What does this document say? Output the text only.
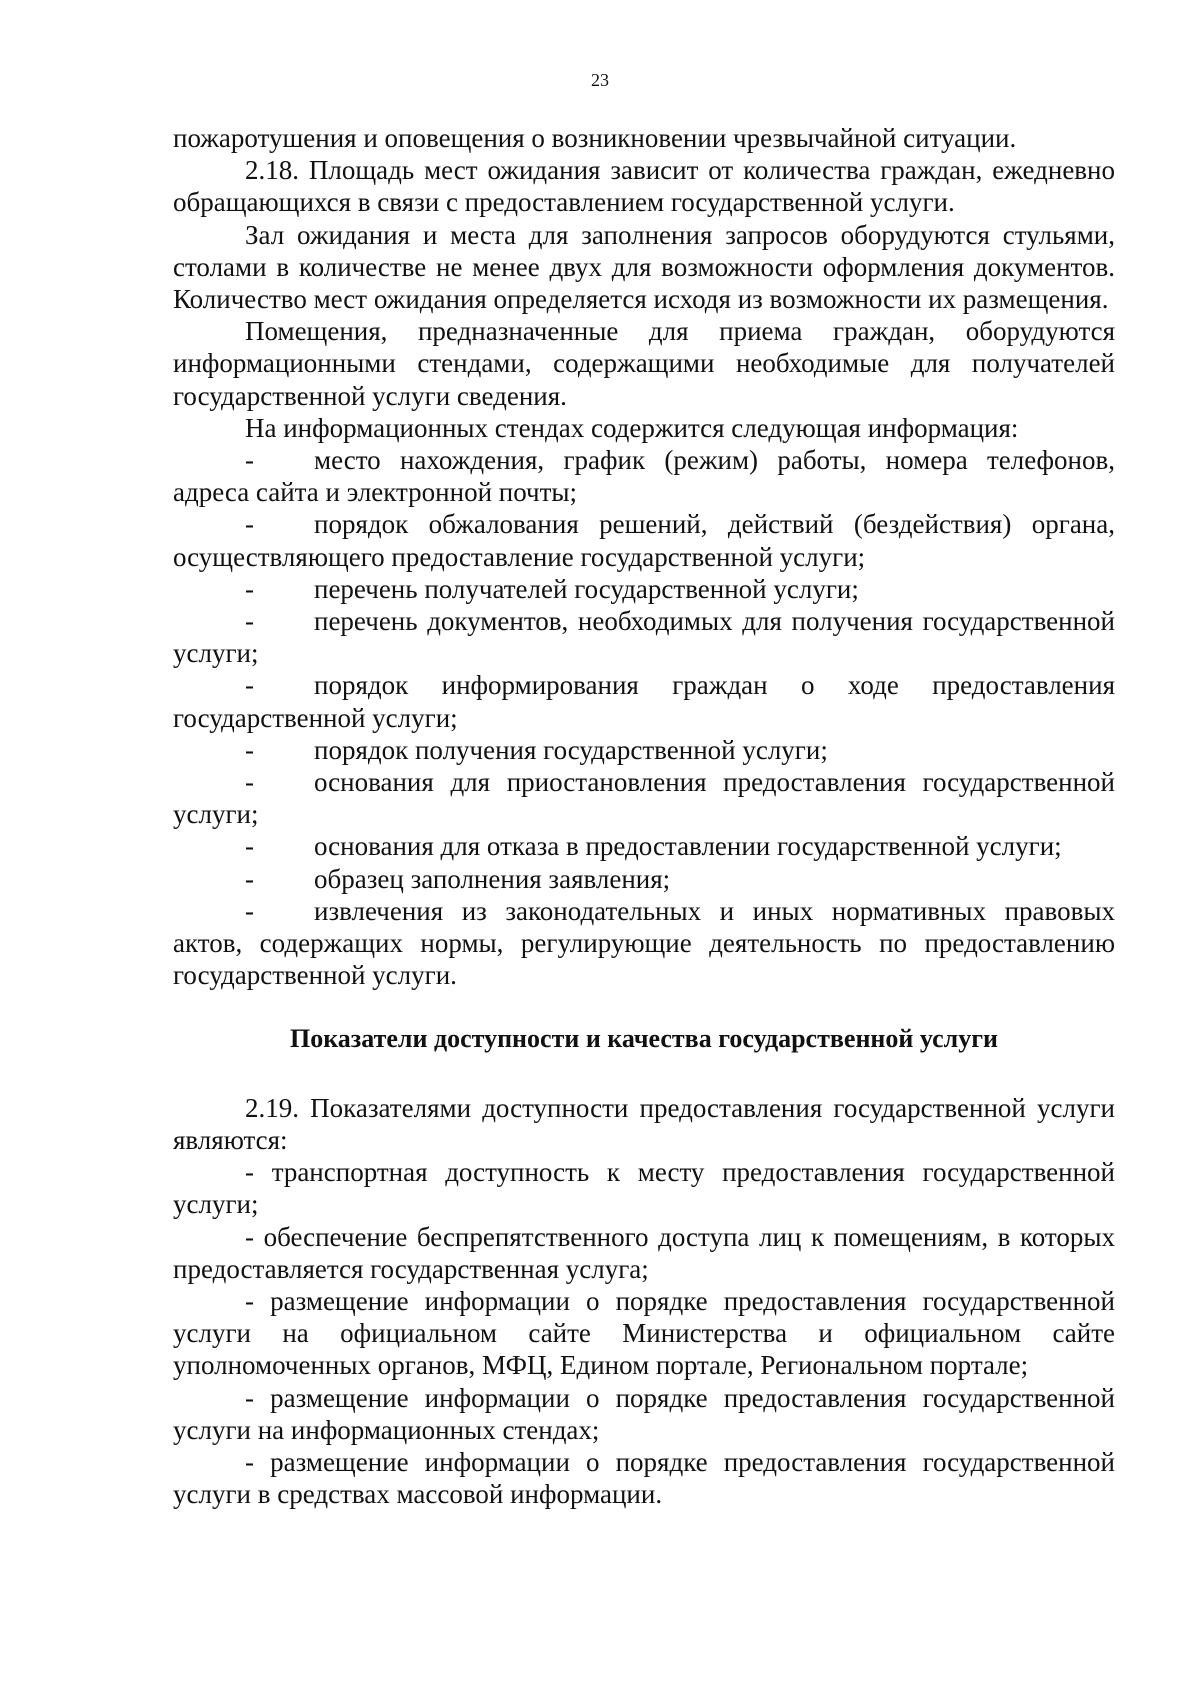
23

пожаротушения и оповещения о возникновении чрезвычайной ситуации.

2.18. Площадь мест ожидания зависит от количества граждан, ежедневно обращающихся в связи с предоставлением государственной услуги.

Зал ожидания и места для заполнения запросов оборудуются стульями, столами в количестве не менее двух для возможности оформления документов. Количество мест ожидания определяется исходя из возможности их размещения.

Помещения, предназначенные для приема граждан, оборудуются информационными стендами, содержащими необходимые для получателей государственной услуги сведения.

На информационных стендах содержится следующая информация:

- место нахождения, график (режим) работы, номера телефонов, адреса сайта и электронной почты;

- порядок обжалования решений, действий (бездействия) органа, осуществляющего предоставление государственной услуги;

- перечень получателей государственной услуги;

- перечень документов, необходимых для получения государственной услуги;

- порядок информирования граждан о ходе предоставления государственной услуги;

- порядок получения государственной услуги;

- основания для приостановления предоставления государственной услуги;

- основания для отказа в предоставлении государственной услуги;

- образец заполнения заявления;

- извлечения из законодательных и иных нормативных правовых актов, содержащих нормы, регулирующие деятельность по предоставлению государственной услуги.

Показатели доступности и качества государственной услуги

2.19. Показателями доступности предоставления государственной услуги являются:

- транспортная доступность к месту предоставления государственной услуги;

- обеспечение беспрепятственного доступа лиц к помещениям, в которых предоставляется государственная услуга;

- размещение информации о порядке предоставления государственной услуги на официальном сайте Министерства и официальном сайте уполномоченных органов, МФЦ, Едином портале, Региональном портале;

- размещение информации о порядке предоставления государственной услуги на информационных стендах;

- размещение информации о порядке предоставления государственной услуги в средствах массовой информации.
